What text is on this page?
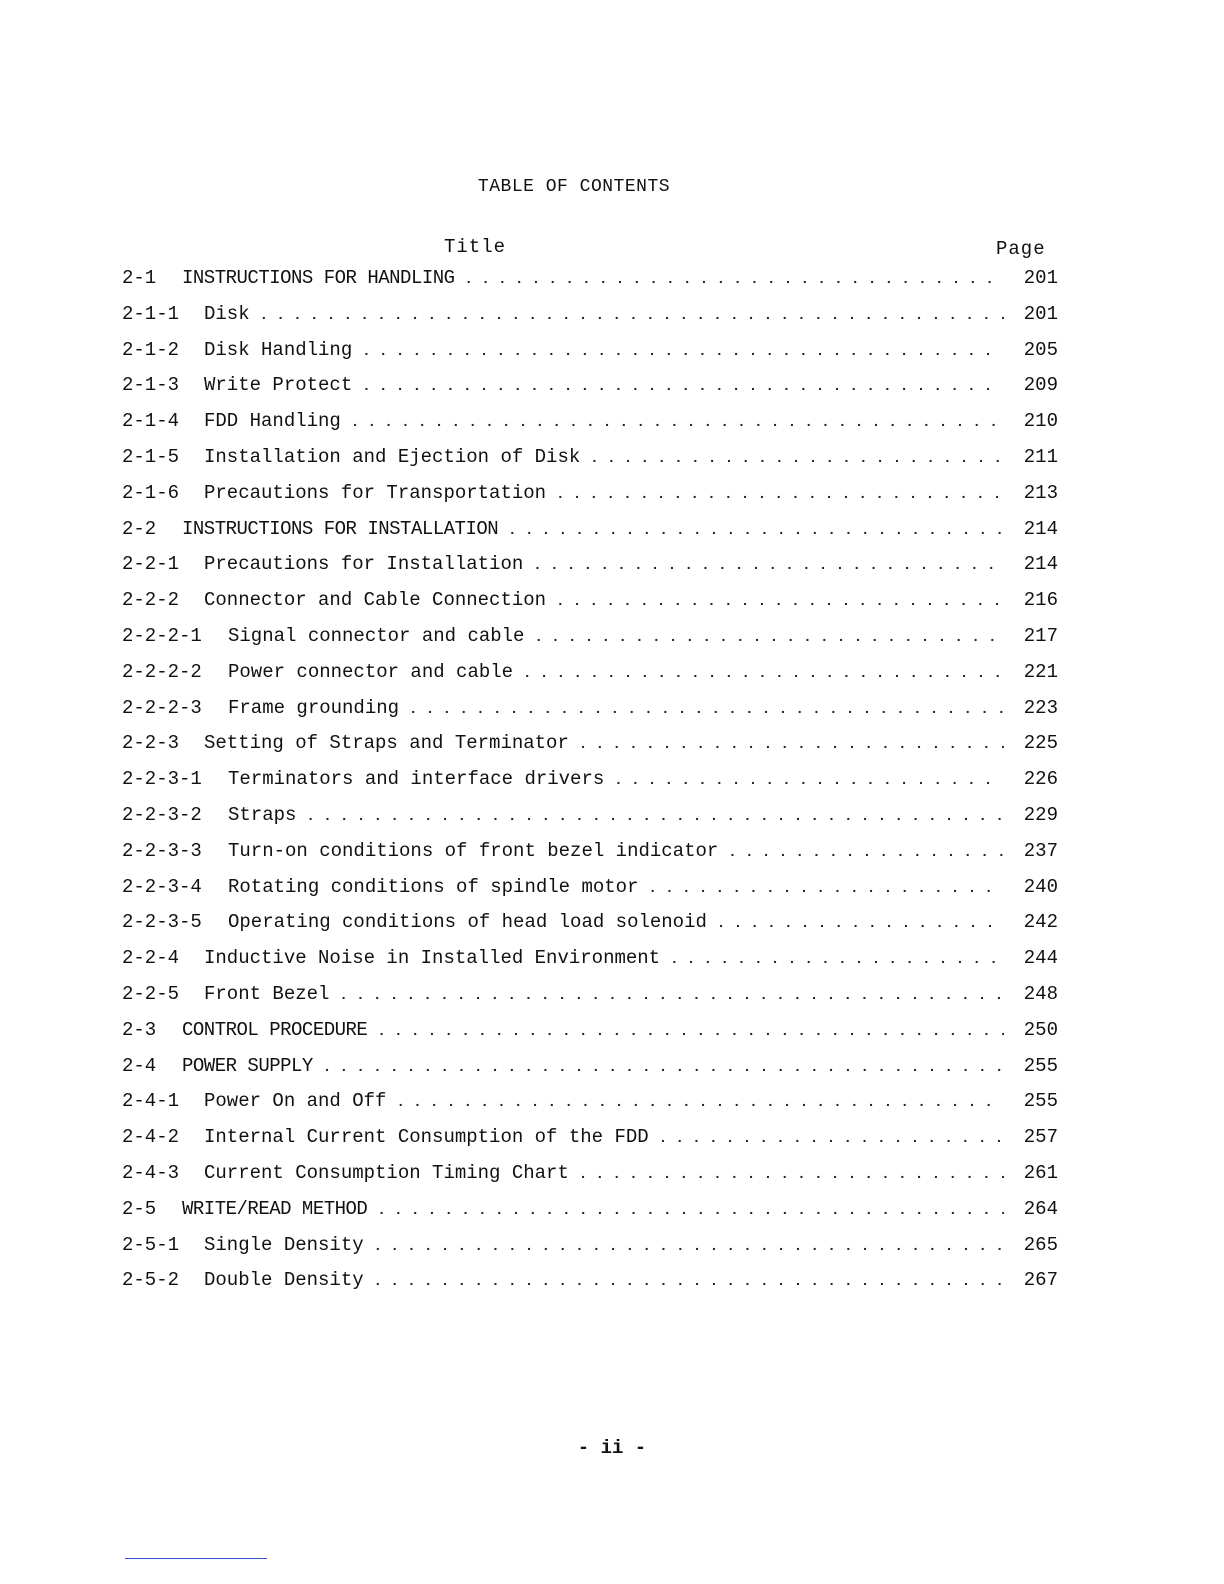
TABLE OF CONTENTS
Title	Page
2-1	INSTRUCTIONS FOR HANDLING . . .	201
2-1-1	Disk . . .	201
2-1-2	Disk Handling . . .	205
2-1-3	Write Protect . . .	209
2-1-4	FDD Handling . . .	210
2-1-5	Installation and Ejection of Disk . . .	211
2-1-6	Precautions for Transportation . . .	213
2-2	INSTRUCTIONS FOR INSTALLATION . . .	214
2-2-1	Precautions for Installation . . .	214
2-2-2	Connector and Cable Connection . . .	216
2-2-2-1	Signal connector and cable . . .	217
2-2-2-2	Power connector and cable . . .	221
2-2-2-3	Frame grounding . . .	223
2-2-3	Setting of Straps and Terminator . . .	225
2-2-3-1	Terminators and interface drivers . . .	226
2-2-3-2	Straps . . .	229
2-2-3-3	Turn-on conditions of front bezel indicator . . .	237
2-2-3-4	Rotating conditions of spindle motor . . .	240
2-2-3-5	Operating conditions of head load solenoid . . .	242
2-2-4	Inductive Noise in Installed Environment . . .	244
2-2-5	Front Bezel . . .	248
2-3	CONTROL PROCEDURE . . .	250
2-4	POWER SUPPLY . . .	255
2-4-1	Power On and Off . . .	255
2-4-2	Internal Current Consumption of the FDD . . .	257
2-4-3	Current Consumption Timing Chart . . .	261
2-5	WRITE/READ METHOD . . .	264
2-5-1	Single Density . . .	265
2-5-2	Double Density . . .	267
- ii -
